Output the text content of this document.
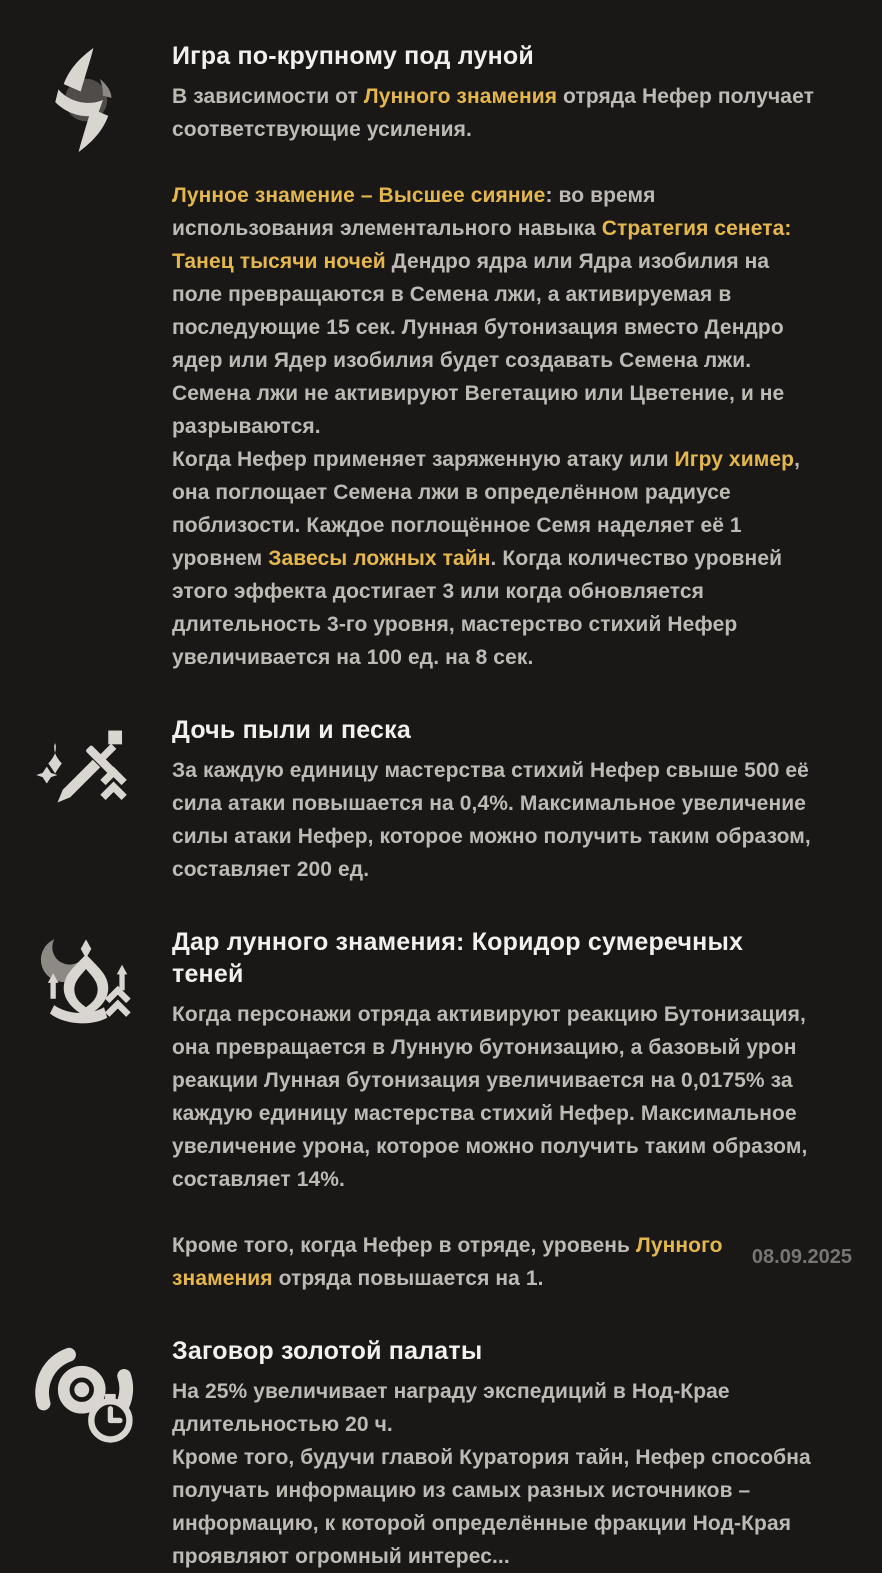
Игра по-крупному под луной

В зависимости от Лунного знамения отряда Нефер получает соответствующие усиления.

Лунное знамение – Высшее сияние: во время использования элементального навыка Стратегия сенета: Танец тысячи ночей Дендро ядра или Ядра изобилия на поле превращаются в Семена лжи, а активируемая в последующие 15 сек. Лунная бутонизация вместо Дендро ядер или Ядер изобилия будет создавать Семена лжи. Семена лжи не активируют Вегетацию или Цветение, и не разрываются.

Когда Нефер применяет заряженную атаку или Игру химер, она поглощает Семена лжи в определённом радиусе поблизости. Каждое поглощённое Семя наделяет её 1 уровнем Завесы ложных тайн. Когда количество уровней этого эффекта достигает 3 или когда обновляется длительность 3-го уровня, мастерство стихий Нефер увеличивается на 100 ед. на 8 сек.

Дочь пыли и песка

За каждую единицу мастерства стихий Нефер свыше 500 её сила атаки повышается на 0,4%. Максимальное увеличение силы атаки Нефер, которое можно получить таким образом, составляет 200 ед.

Дар лунного знамения: Коридор сумеречных теней

Когда персонажи отряда активируют реакцию Бутонизация, она превращается в Лунную бутонизацию, а базовый урон реакции Лунная бутонизация увеличивается на 0,0175% за каждую единицу мастерства стихий Нефер. Максимальное увеличение урона, которое можно получить таким образом, составляет 14%.

Кроме того, когда Нефер в отряде, уровень Лунного знамения отряда повышается на 1.

Заговор золотой палаты

На 25% увеличивает награду экспедиций в Нод-Крае длительностью 20 ч.

Кроме того, будучи главой Куратория тайн, Нефер способна получать информацию из самых разных источников – информацию, к которой определённые фракции Нод-Края проявляют огромный интерес...

08.09.2025
